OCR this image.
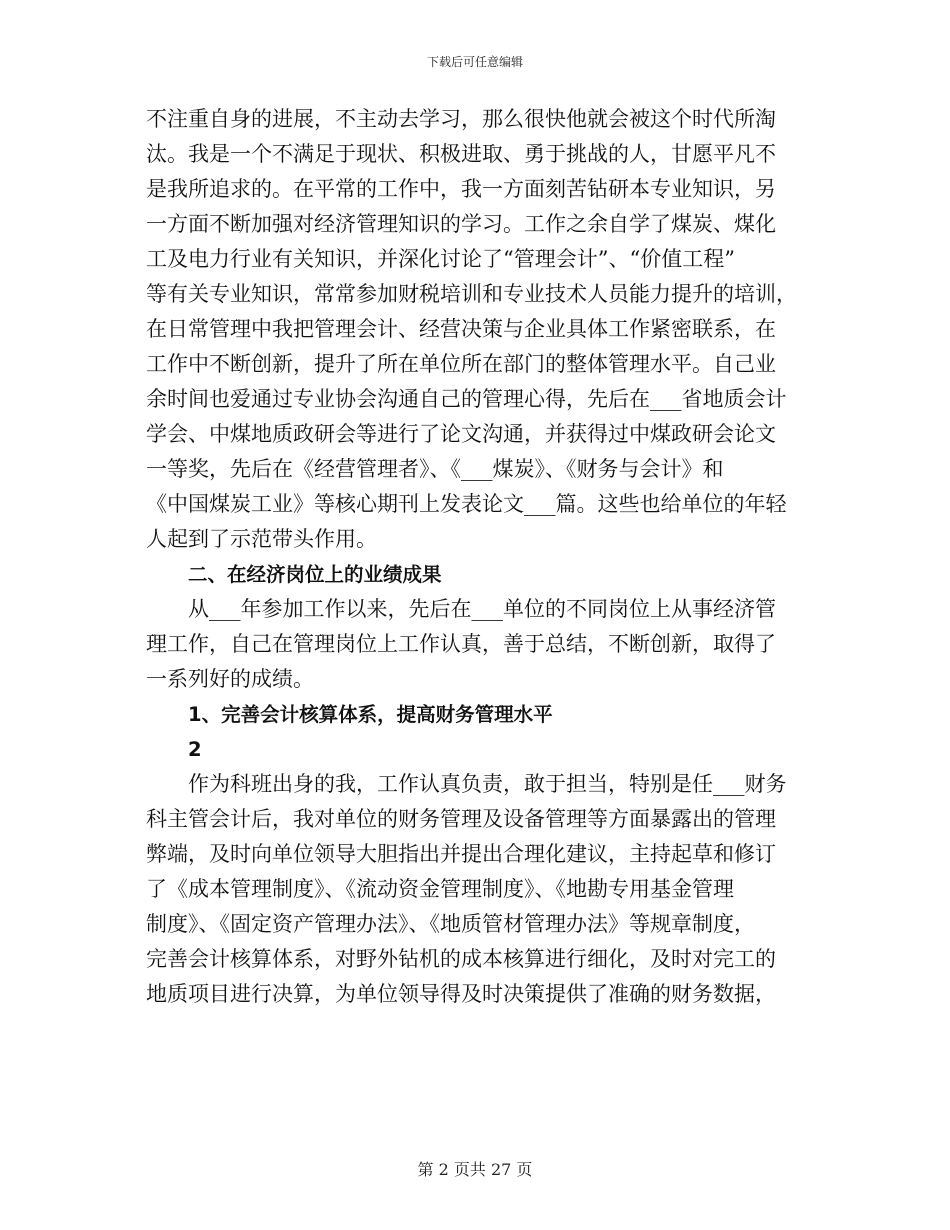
下载后可任意编辑
不注重自身的进展，不主动去学习，那么很快他就会被这个时代所淘
汰。我是一个不满足于现状、积极进取、勇于挑战的人，甘愿平凡不
是我所追求的。在平常的工作中，我一方面刻苦钻研本专业知识，另
一方面不断加强对经济管理知识的学习。工作之余自学了煤炭、煤化
工及电力行业有关知识，并深化讨论了“管理会计”、“价值工程”
等有关专业知识，常常参加财税培训和专业技术人员能力提升的培训，
在日常管理中我把管理会计、经营决策与企业具体工作紧密联系，在
工作中不断创新，提升了所在单位所在部门的整体管理水平。自己业
余时间也爱通过专业协会沟通自己的管理心得，先后在___省地质会计
学会、中煤地质政研会等进行了论文沟通，并获得过中煤政研会论文
一等奖，先后在《经营管理者》、《___煤炭》、《财务与会计》和
《中国煤炭工业》等核心期刊上发表论文___篇。这些也给单位的年轻
人起到了示范带头作用。
二、在经济岗位上的业绩成果
从___年参加工作以来，先后在___单位的不同岗位上从事经济管
理工作，自己在管理岗位上工作认真，善于总结，不断创新，取得了
一系列好的成绩。
1、完善会计核算体系，提高财务管理水平
2
作为科班出身的我，工作认真负责，敢于担当，特别是任___财务
科主管会计后，我对单位的财务管理及设备管理等方面暴露出的管理
弊端，及时向单位领导大胆指出并提出合理化建议，主持起草和修订
了《成本管理制度》、《流动资金管理制度》、《地勘专用基金管理
制度》、《固定资产管理办法》、《地质管材管理办法》等规章制度，
完善会计核算体系，对野外钻机的成本核算进行细化，及时对完工的
地质项目进行决算，为单位领导得及时决策提供了准确的财务数据，
第 2 页共 27 页
